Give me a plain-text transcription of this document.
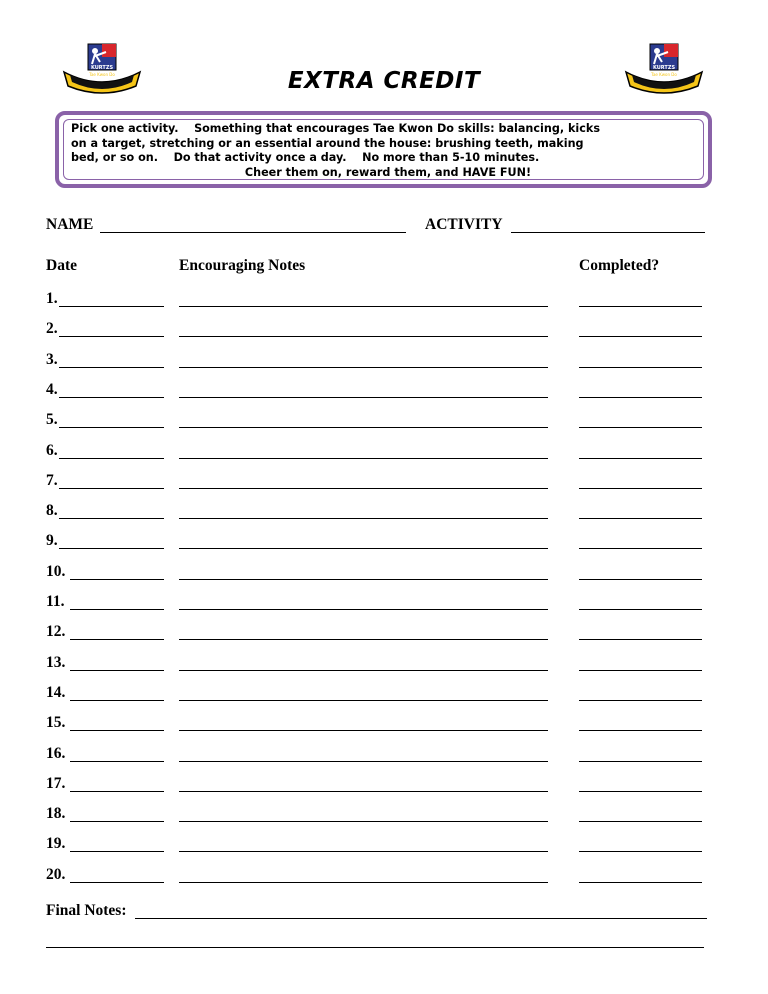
KURTZS
Tae Kwon Do
KURTZS
Tae Kwon Do
EXTRA CREDIT
Pick one activity.    Something that encourages Tae Kwon Do skills: balancing, kicks
on a target, stretching or an essential around the house: brushing teeth, making
bed, or so on.    Do that activity once a day.    No more than 5-10 minutes.
Cheer them on, reward them, and HAVE FUN!
NAME	ACTIVITY
Date	Encouraging Notes	Completed?
1.
2.
3.
4.
5.
6.
7.
8.
9.
10.
11.
12.
13.
14.
15.
16.
17.
18.
19.
20.
Final Notes:
